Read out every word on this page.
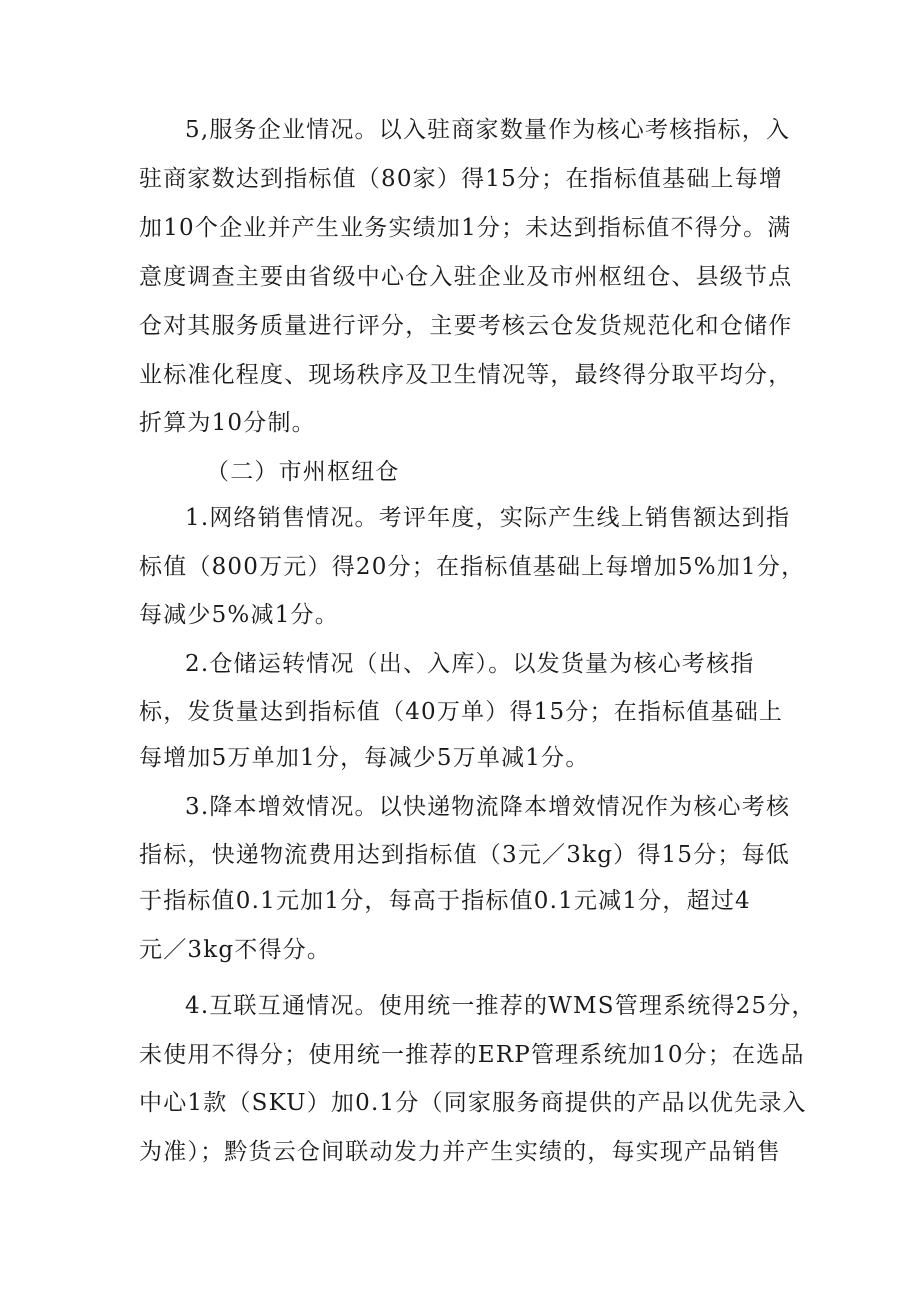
5,服务企业情况。以入驻商家数量作为核心考核指标，入
驻商家数达到指标值（80家）得15分；在指标值基础上每增
加10个企业并产生业务实绩加1分；未达到指标值不得分。满
意度调查主要由省级中心仓入驻企业及市州枢纽仓、县级节点
仓对其服务质量进行评分，主要考核云仓发货规范化和仓储作
业标准化程度、现场秩序及卫生情况等，最终得分取平均分，
折算为10分制。
（二）市州枢纽仓
1.网络销售情况。考评年度，实际产生线上销售额达到指
标值（800万元）得20分；在指标值基础上每增加5%加1分，
每减少5%减1分。
2.仓储运转情况（出、入库）。以发货量为核心考核指
标，发货量达到指标值（40万单）得15分；在指标值基础上
每增加5万单加1分，每减少5万单减1分。
3.降本增效情况。以快递物流降本增效情况作为核心考核
指标，快递物流费用达到指标值（3元／3kg）得15分；每低
于指标值0.1元加1分，每高于指标值0.1元减1分，超过4
元／3kg不得分。
4.互联互通情况。使用统一推荐的WMS管理系统得25分，
未使用不得分；使用统一推荐的ERP管理系统加10分；在选品
中心1款（SKU）加0.1分（同家服务商提供的产品以优先录入
为准）；黔货云仓间联动发力并产生实绩的，每实现产品销售
